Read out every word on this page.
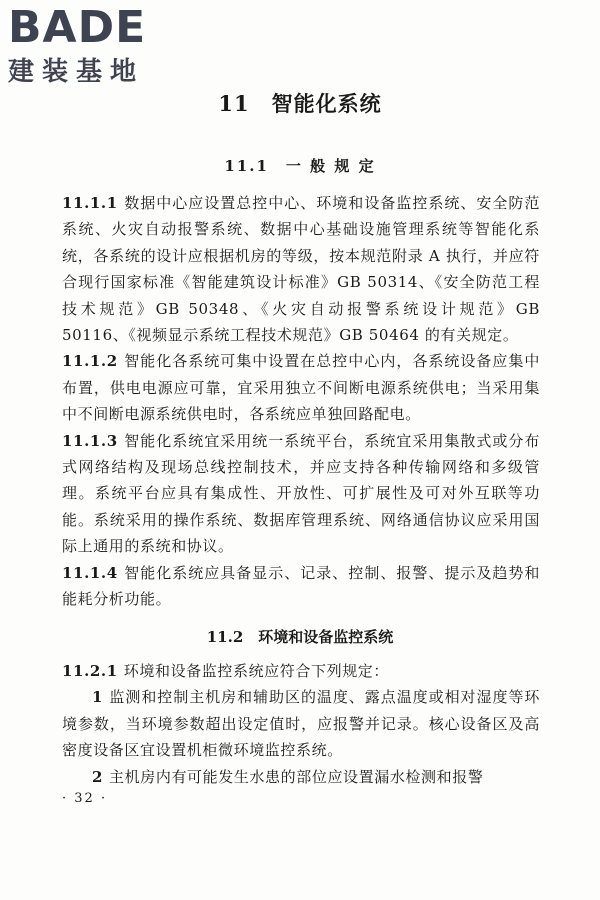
BADE
建装基地
11　智能化系统
11.1　一 般 规 定
11.1.1 数据中心应设置总控中心、环境和设备监控系统、安全防范系统、火灾自动报警系统、数据中心基础设施管理系统等智能化系统，各系统的设计应根据机房的等级，按本规范附录 A 执行，并应符合现行国家标准《智能建筑设计标准》GB 50314、《安全防范工程技术规范》GB 50348、《火灾自动报警系统设计规范》GB 50116、《视频显示系统工程技术规范》GB 50464 的有关规定。
11.1.2 智能化各系统可集中设置在总控中心内，各系统设备应集中布置，供电电源应可靠，宜采用独立不间断电源系统供电；当采用集中不间断电源系统供电时，各系统应单独回路配电。
11.1.3 智能化系统宜采用统一系统平台，系统宜采用集散式或分布式网络结构及现场总线控制技术，并应支持各种传输网络和多级管理。系统平台应具有集成性、开放性、可扩展性及可对外互联等功能。系统采用的操作系统、数据库管理系统、网络通信协议应采用国际上通用的系统和协议。
11.1.4 智能化系统应具备显示、记录、控制、报警、提示及趋势和能耗分析功能。
11.2　环境和设备监控系统
11.2.1 环境和设备监控系统应符合下列规定：
1 监测和控制主机房和辅助区的温度、露点温度或相对湿度等环境参数，当环境参数超出设定值时，应报警并记录。核心设备区及高密度设备区宜设置机柜微环境监控系统。
2 主机房内有可能发生水患的部位应设置漏水检测和报警
· 32 ·
